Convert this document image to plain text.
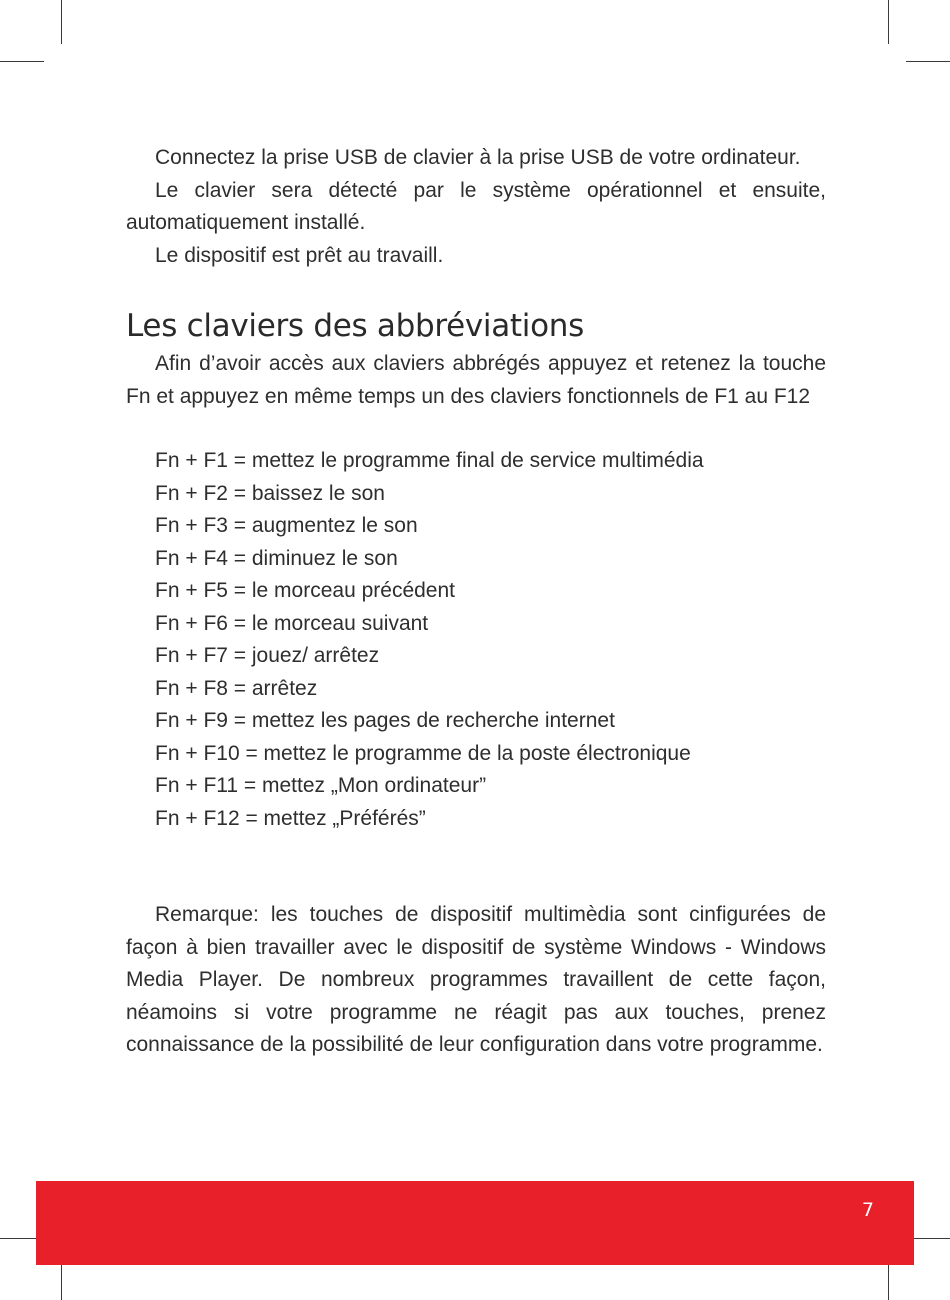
Connectez la prise USB de clavier à la prise USB de votre ordinateur.

Le clavier sera détecté par le système opérationnel et ensuite, automatiquement installé.

Le dispositif est prêt au travaill.

Les claviers des abbréviations

Afin d’avoir accès aux claviers abbrégés appuyez et retenez la touche Fn et appuyez en même temps un des claviers fonctionnels de F1 au F12

Fn + F1 = mettez le programme final de service multimédia
Fn + F2 = baissez le son
Fn + F3 = augmentez le son
Fn + F4 = diminuez le son
Fn + F5 = le morceau précédent
Fn + F6 = le morceau suivant
Fn + F7 = jouez/ arrêtez
Fn + F8 = arrêtez
Fn + F9 = mettez les pages de recherche internet
Fn + F10 = mettez le programme de la poste électronique
Fn + F11 = mettez „Mon ordinateur”
Fn + F12 = mettez „Préférés”

Remarque: les touches de dispositif multimèdia sont cinfigurées de façon à bien travailler avec le dispositif de système Windows - Windows Media Player. De nombreux programmes travaillent de cette façon, néamoins si votre programme ne réagit pas aux touches, prenez connaissance de la possibilité de leur configuration dans votre programme.

7
